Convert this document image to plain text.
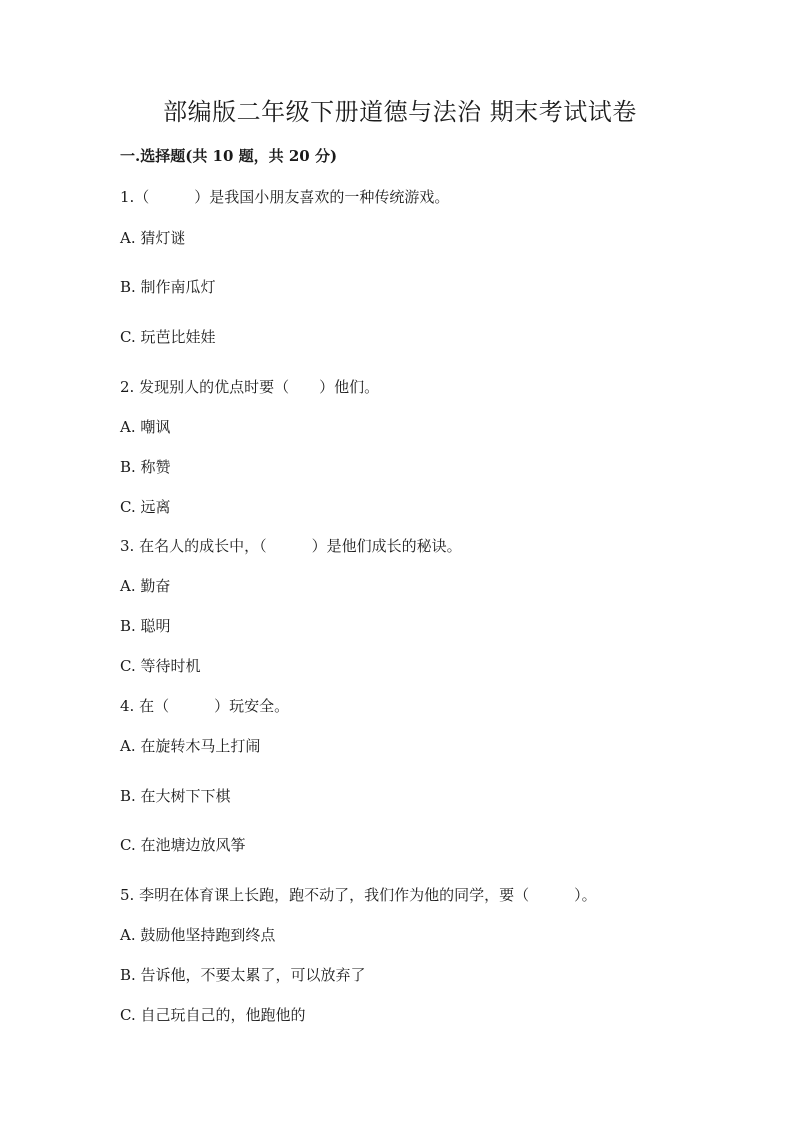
部编版二年级下册道德与法治 期末考试试卷
一.选择题(共 10 题，共 20 分)
1.（　　　）是我国小朋友喜欢的一种传统游戏。
A. 猜灯谜
B. 制作南瓜灯
C. 玩芭比娃娃
2. 发现别人的优点时要（　　）他们。
A. 嘲讽
B. 称赞
C. 远离
3. 在名人的成长中，（　　　）是他们成长的秘诀。
A. 勤奋
B. 聪明
C. 等待时机
4. 在（　　　）玩安全。
A. 在旋转木马上打闹
B. 在大树下下棋
C. 在池塘边放风筝
5. 李明在体育课上长跑，跑不动了，我们作为他的同学，要（　　　）。
A. 鼓励他坚持跑到终点
B. 告诉他，不要太累了，可以放弃了
C. 自己玩自己的，他跑他的
